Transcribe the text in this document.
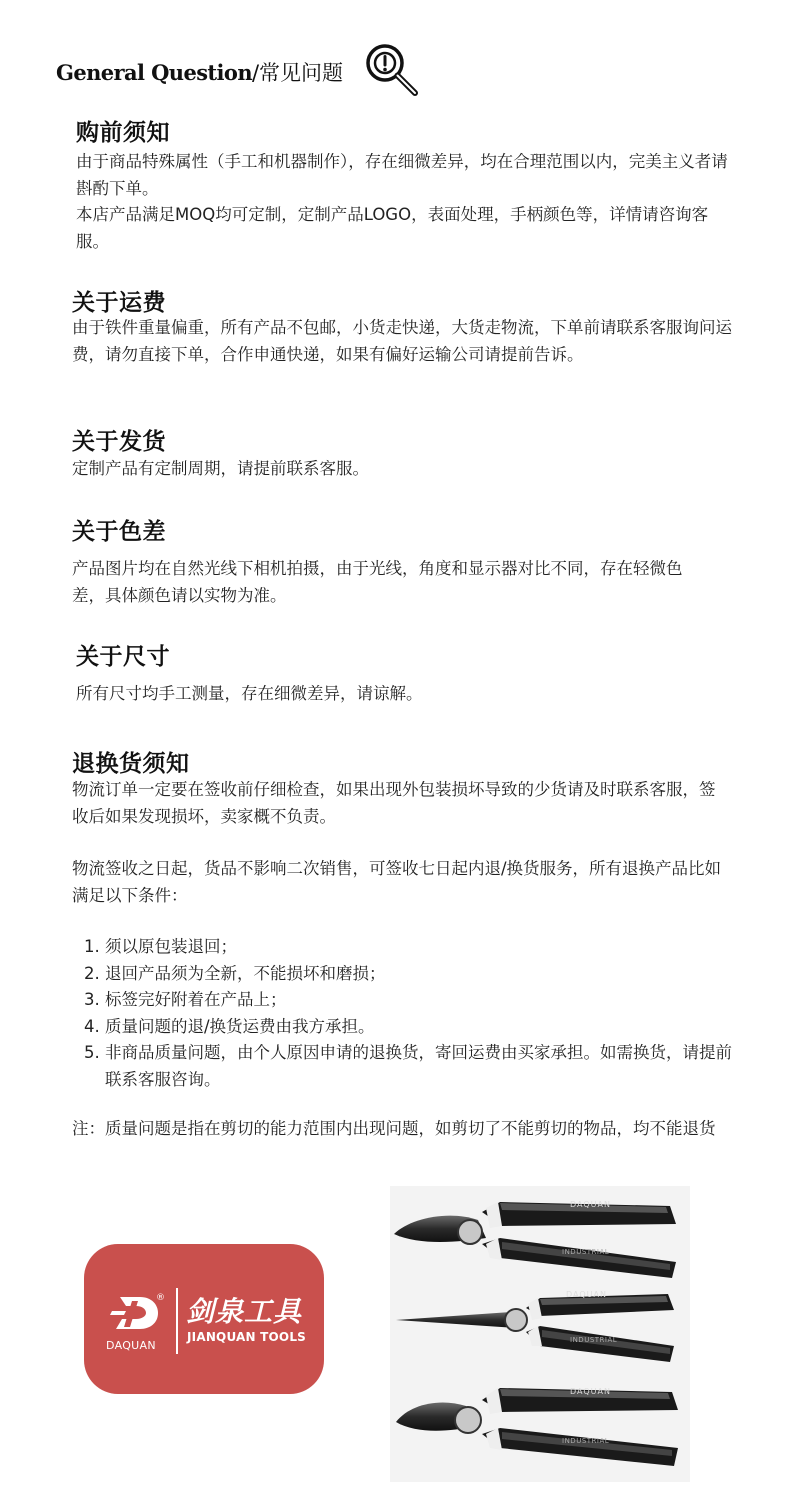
General Question /常见问题
购前须知

由于商品特殊属性（手工和机器制作），存在细微差异，均在合理范围以内，完美主义者请斟酌下单。

本店产品满足MOQ均可定制，定制产品LOGO，表面处理，手柄颜色等，详情请咨询客服。

关于运费

由于铁件重量偏重，所有产品不包邮，小货走快递，大货走物流，下单前请联系客服询问运费，请勿直接下单，合作申通快递，如果有偏好运输公司请提前告诉。

关于发货

定制产品有定制周期，请提前联系客服。

关于色差

产品图片均在自然光线下相机拍摄，由于光线，角度和显示器对比不同，存在轻微色差，具体颜色请以实物为准。

关于尺寸

所有尺寸均手工测量，存在细微差异，请谅解。

退换货须知

物流订单一定要在签收前仔细检查，如果出现外包装损坏导致的少货请及时联系客服，签收后如果发现损坏，卖家概不负责。

物流签收之日起，货品不影响二次销售，可签收七日起内退/换货服务，所有退换产品比如满足以下条件：

1. 须以原包装退回；
2. 退回产品须为全新，不能损坏和磨损；
3. 标签完好附着在产品上；
4. 质量问题的退/换货运费由我方承担。
5. 非商品质量问题，由个人原因申请的退换货，寄回运费由买家承担。如需换货，请提前联系客服咨询。

注：质量问题是指在剪切的能力范围内出现问题，如剪切了不能剪切的物品，均不能退货

®
DAQUAN
剑泉工具
JIANQUAN TOOLS
DAQUAN
DAQUAN
DAQUAN
INDUSTRIAL
INDUSTRIAL
INDUSTRIAL
